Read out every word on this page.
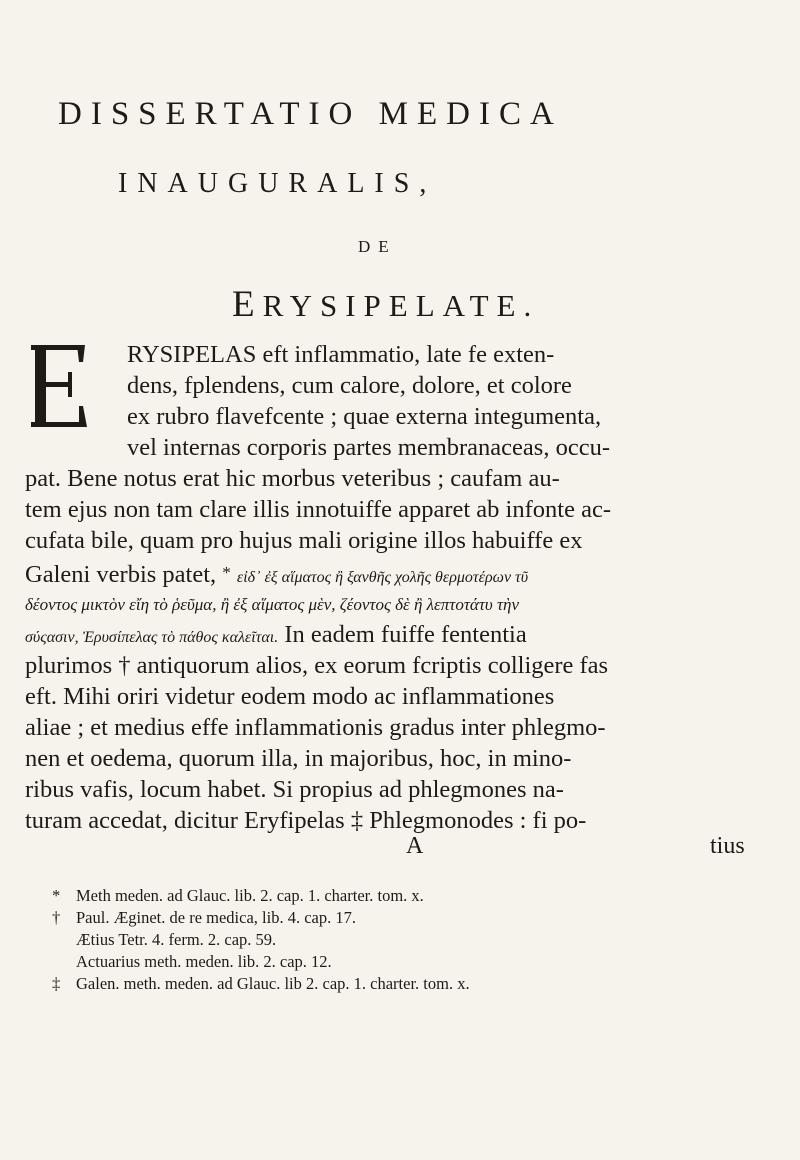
DISSERTATIO MEDICA
INAUGURALIS,
DE
ERYSIPELATE.
RYSIPELAS eft inflammatio, late fe exten-
dens, fplendens, cum calore, dolore, et colore
ex rubro flavefcente ; quae externa integumenta,
vel internas corporis partes membranaceas, occu-
pat. Bene notus erat hic morbus veteribus ; caufam au-
tem ejus non tam clare illis innotuiffe apparet ab infonte ac-
cufata bile, quam pro hujus mali origine illos habuiffe ex
Galeni verbis patet, * εἰδ᾽ ἐξ αἵματος ἢ ξανθῆς χολῆς θερμοτέρων τῦ
δέοντος μικτὸν εἴη τὸ ῥεῦμα, ἢ ἐξ αἵματος μὲν, ζέοντος δὲ ἢ λεπτοτάτυ τὴν
σύςασιν, Ἐρυσίπελας τὸ πάθος καλεῖται. In eadem fuiffe fententia
plurimos † antiquorum alios, ex eorum fcriptis colligere fas
eft. Mihi oriri videtur eodem modo ac inflammationes
aliae ; et medius effe inflammationis gradus inter phlegmo-
nen et oedema, quorum illa, in majoribus, hoc, in mino-
ribus vafis, locum habet. Si propius ad phlegmones na-
turam accedat, dicitur Eryfipelas ‡ Phlegmonodes : fi po-
A	tius
* Meth meden. ad Glauc. lib. 2. cap. 1. charter. tom. x.
† Paul. Æginet. de re medica, lib. 4. cap. 17.
Ætius Tetr. 4. ferm. 2. cap. 59.
Actuarius meth. meden. lib. 2. cap. 12.
‡ Galen. meth. meden. ad Glauc. lib 2. cap. 1. charter. tom. x.
